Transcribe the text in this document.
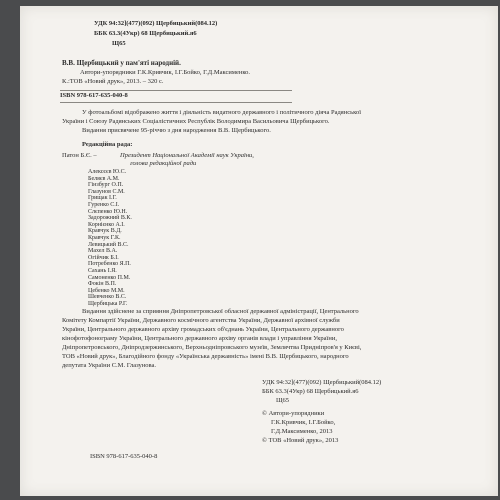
УДК 94:32](477)(092) Щербицький(084.12)
ББК 63.3(4Укр) 68 Щербицький.я6
Щ65
В.В. Щербицький у пам'яті народній.
Автори-упорядники Г.К.Кривчик, І.Г.Бойко, Г.Д.Максименко.
К.:ТОВ «Новий друк», 2013. – 320 с.
ISBN 978-617-635-040-8
У фотоальбомі відображено життя і діяльність видатного державного і політичного діяча Радянської
України і Союзу Радянських Соціалістичних Республік Володимира Васильовича Щербицького.
Видання присвячене 95-річчю з дня народження В.В. Щербицького.
Редакційна рада:
Патон Б.Є. –	Президент Національної Академії наук України,
голова редакційної ради
Алексєєв Ю.С.
Беляєв А.М.
Гінзбург О.П.
Глазунов С.М.
Грищак І.Г.
Гуренко С.І.
Слєпенко Ю.Н.
Задорожний В.К.
Корнієнко А.І.
Кравчук В.Д.
Кравчук Г.К.
Левицький В.С.
Махел В.А.
Огійчик Б.І.
Потребенко Я.П.
Сахань І.Я.
Самоненко П.М.
Фокін В.П.
Цебенко М.М.
Шевченко В.С.
Щербицька Р.Г.
Видання здійснене за сприяння Дніпропетровської обласної державної адміністрації, Центрального
Комітету Компартії України, Державного космічного агентства України, Державної архівної служби
України, Центрального державного архіву громадських об'єднань України, Центрального державного
кінофотофонограму України, Центрального державного архіву органів влади і управління України,
Дніпропетровського, Дніпродзержинського, Верхньодніпровського музеїв, Землячтва Придніпров'я у Києві,
ТОВ «Новий друк», Благодійного фонду «Українська державність» імені В.В. Щербицького, народного
депутата України С.М. Глазунова.
УДК 94:32](477)(092) Щербицький(084.12)
ББК 63.3(4Укр) 68 Щербицький.я6
Щ65
© Автори-упорядники
Г.К.Кривчик, І.Г.Бойко,
Г.Д.Максименко, 2013
© ТОВ «Новий друк», 2013
ISBN 978-617-635-040-8
